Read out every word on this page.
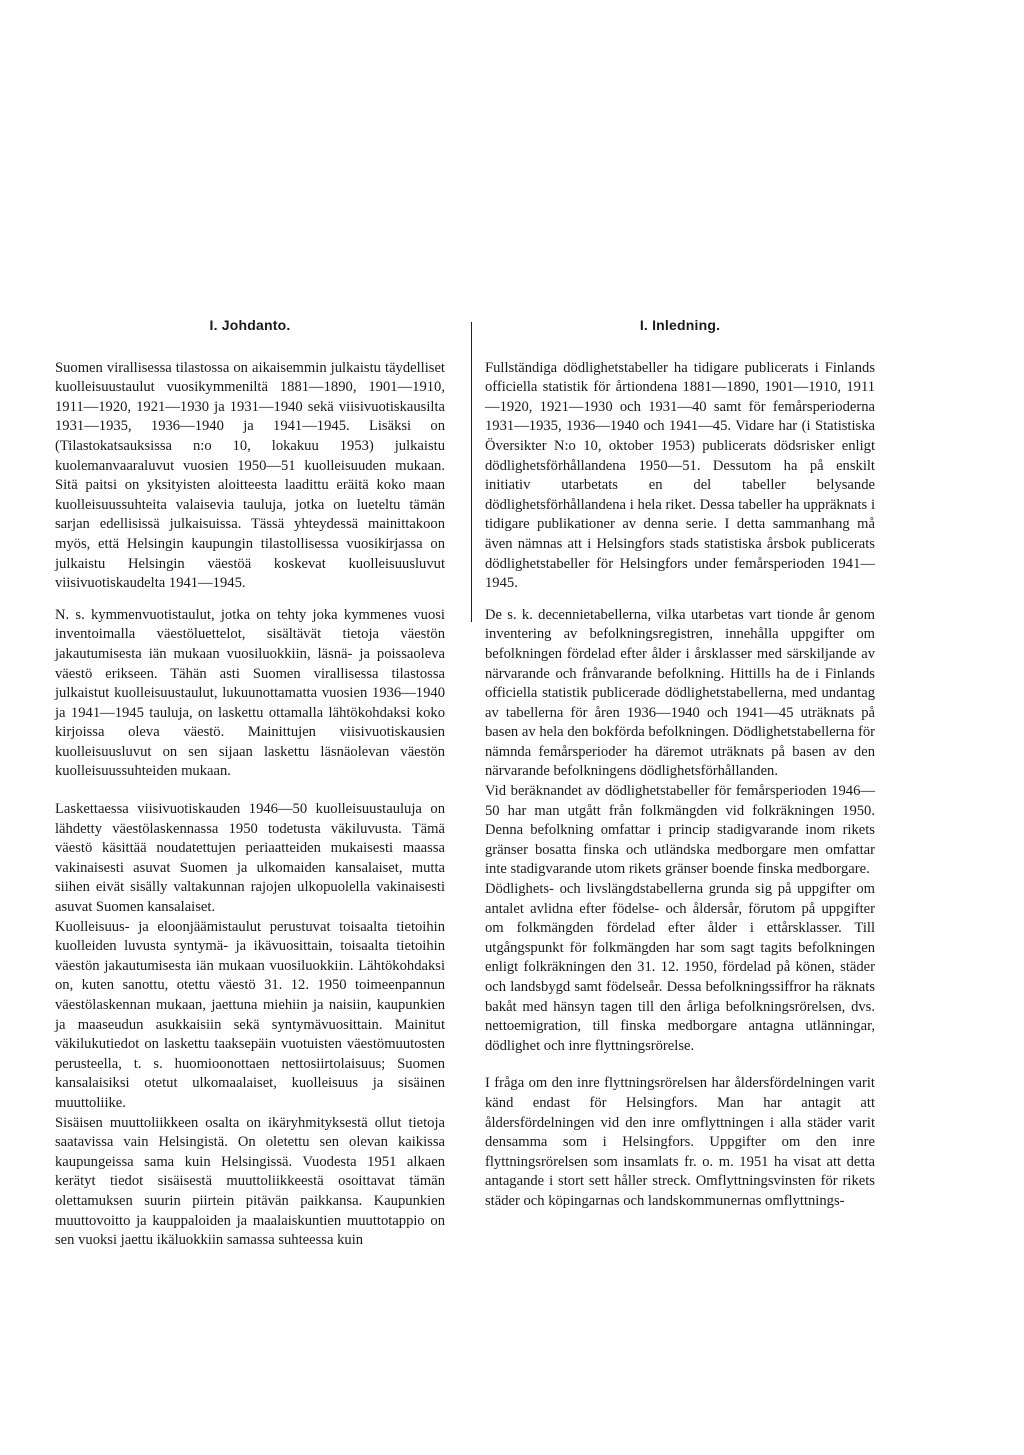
I. Johdanto.

Suomen virallisessa tilastossa on aikaisemmin julkaistu täydelliset kuolleisuustaulut vuosikymmeniltä 1881—1890, 1901—1910, 1911—1920, 1921—1930 ja 1931—1940 sekä viisivuotiskausilta 1931—1935, 1936—1940 ja 1941—1945. Lisäksi on (Tilastokatsauksissa n:o 10, lokakuu 1953) julkaistu kuolemanvaaraluvut vuosien 1950—51 kuolleisuuden mukaan. Sitä paitsi on yksityisten aloitteesta laadittu eräitä koko maan kuolleisuussuhteita valaisevia tauluja, jotka on lueteltu tämän sarjan edellisissä julkaisuissa. Tässä yhteydessä mainittakoon myös, että Helsingin kaupungin tilastollisessa vuosikirjassa on julkaistu Helsingin väestöä koskevat kuolleisuusluvut viisivuotiskaudelta 1941—1945.

N. s. kymmenvuotistaulut, jotka on tehty joka kymmenes vuosi inventoimalla väestöluettelot, sisältävät tietoja väestön jakautumisesta iän mukaan vuosiluokkiin, läsnä- ja poissaoleva väestö erikseen. Tähän asti Suomen virallisessa tilastossa julkaistut kuolleisuustaulut, lukuunottamatta vuosien 1936—1940 ja 1941—1945 tauluja, on laskettu ottamalla lähtökohdaksi koko kirjoissa oleva väestö. Mainittujen viisivuotiskausien kuolleisuusluvut on sen sijaan laskettu läsnäolevan väestön kuolleisuussuhteiden mukaan.

Laskettaessa viisivuotiskauden 1946—50 kuolleisuustauluja on lähdetty väestölaskennassa 1950 todetusta väkiluvusta. Tämä väestö käsittää noudatettujen periaatteiden mukaisesti maassa vakinaisesti asuvat Suomen ja ulkomaiden kansalaiset, mutta siihen eivät sisälly valtakunnan rajojen ulkopuolella vakinaisesti asuvat Suomen kansalaiset.

Kuolleisuus- ja eloonjäämistaulut perustuvat toisaalta tietoihin kuolleiden luvusta syntymä- ja ikävuosittain, toisaalta tietoihin väestön jakautumisesta iän mukaan vuosiluokkiin. Lähtökohdaksi on, kuten sanottu, otettu väestö 31. 12. 1950 toimeenpannun väestölaskennan mukaan, jaettuna miehiin ja naisiin, kaupunkien ja maaseudun asukkaisiin sekä syntymävuosittain. Mainitut väkilukutiedot on laskettu taaksepäin vuotuisten väestömuutosten perusteella, t. s. huomioonottaen nettosiirtolaisuus; Suomen kansalaisiksi otetut ulkomaalaiset, kuolleisuus ja sisäinen muuttoliike.

Sisäisen muuttoliikkeen osalta on ikäryhmityksestä ollut tietoja saatavissa vain Helsingistä. On oletettu sen olevan kaikissa kaupungeissa sama kuin Helsingissä. Vuodesta 1951 alkaen kerätyt tiedot sisäisestä muuttoliikkeestä osoittavat tämän olettamuksen suurin piirtein pitävän paikkansa. Kaupunkien muuttovoitto ja kauppaloiden ja maalaiskuntien muuttotappio on sen vuoksi jaettu ikäluokkiin samassa suhteessa kuin

I. Inledning.

Fullständiga dödlighetstabeller ha tidigare publicerats i Finlands officiella statistik för årtiondena 1881—1890, 1901—1910, 1911—1920, 1921—1930 och 1931—40 samt för femårsperioderna 1931—1935, 1936—1940 och 1941—45. Vidare har (i Statistiska Översikter N:o 10, oktober 1953) publicerats dödsrisker enligt dödlighetsförhållandena 1950—51. Dessutom ha på enskilt initiativ utarbetats en del tabeller belysande dödlighetsförhållandena i hela riket. Dessa tabeller ha uppräknats i tidigare publikationer av denna serie. I detta sammanhang må även nämnas att i Helsingfors stads statistiska årsbok publicerats dödlighetstabeller för Helsingfors under femårsperioden 1941—1945.

De s. k. decennietabellerna, vilka utarbetas vart tionde år genom inventering av befolkningsregistren, innehålla uppgifter om befolkningen fördelad efter ålder i årsklasser med särskiljande av närvarande och frånvarande befolkning. Hittills ha de i Finlands officiella statistik publicerade dödlighetstabellerna, med undantag av tabellerna för åren 1936—1940 och 1941—45 uträknats på basen av hela den bokförda befolkningen. Dödlighetstabellerna för nämnda femårsperioder ha däremot uträknats på basen av den närvarande befolkningens dödlighetsförhållanden.

Vid beräknandet av dödlighetstabeller för femårsperioden 1946—50 har man utgått från folkmängden vid folkräkningen 1950. Denna befolkning omfattar i princip stadigvarande inom rikets gränser bosatta finska och utländska medborgare men omfattar inte stadigvarande utom rikets gränser boende finska medborgare.

Dödlighets- och livslängdstabellerna grunda sig på uppgifter om antalet avlidna efter födelse- och åldersår, förutom på uppgifter om folkmängden fördelad efter ålder i ettårsklasser. Till utgångspunkt för folkmängden har som sagt tagits befolkningen enligt folkräkningen den 31. 12. 1950, fördelad på könen, städer och landsbygd samt födelseår. Dessa befolkningssiffror ha räknats bakåt med hänsyn tagen till den årliga befolkningsrörelsen, dvs. nettoemigration, till finska medborgare antagna utlänningar, dödlighet och inre flyttningsrörelse.

I fråga om den inre flyttningsrörelsen har åldersfördelningen varit känd endast för Helsingfors. Man har antagit att åldersfördelningen vid den inre omflyttningen i alla städer varit densamma som i Helsingfors. Uppgifter om den inre flyttningsrörelsen som insamlats fr. o. m. 1951 ha visat att detta antagande i stort sett håller streck. Omflyttningsvinsten för rikets städer och köpingarnas och landskommunernas omflyttnings-
